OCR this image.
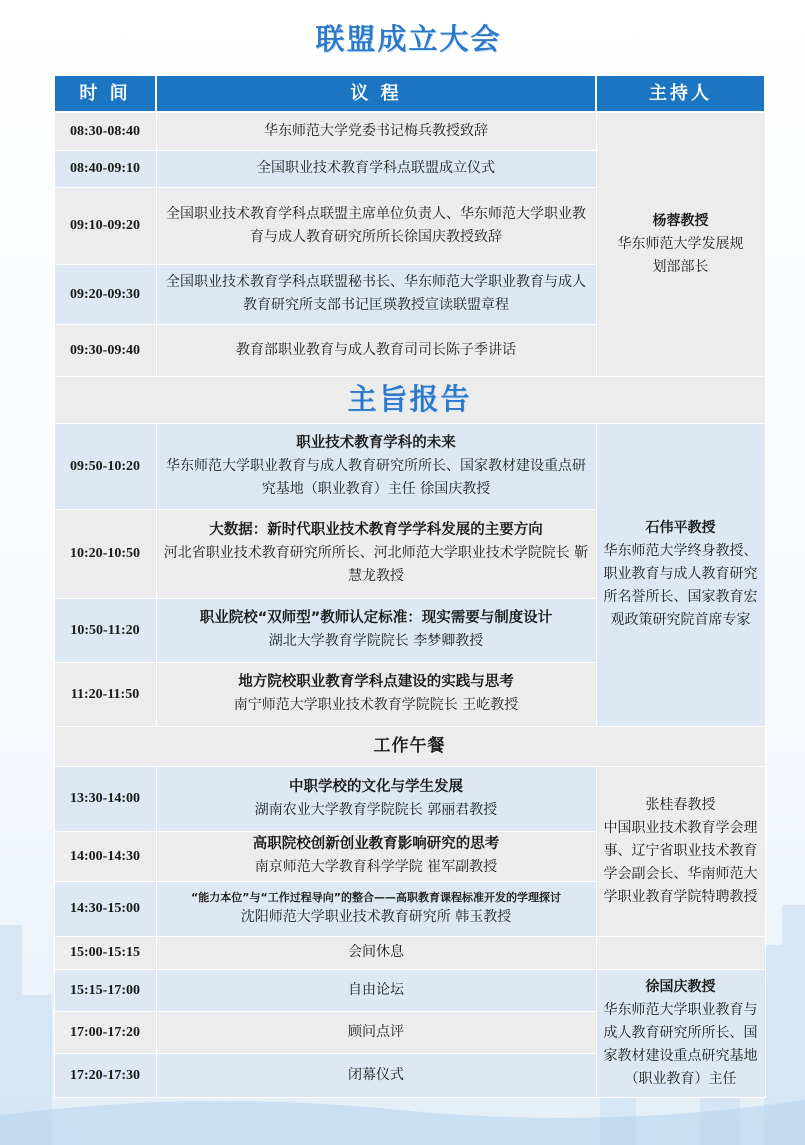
联盟成立大会
时 间	议 程	主持人
08:30-08:40	华东师范大学党委书记梅兵教授致辞	杨蓉教授
华东师范大学发展规划部部长

08:40-09:10	全国职业技术教育学科点联盟成立仪式	
09:10-09:20	全国职业技术教育学科点联盟主席单位负责人、华东师范大学职业教育与成人教育研究所所长徐国庆教授致辞	
09:20-09:30	全国职业技术教育学科点联盟秘书长、华东师范大学职业教育与成人教育研究所支部书记匡瑛教授宣读联盟章程	
09:30-09:40	教育部职业教育与成人教育司司长陈子季讲话	
主旨报告		
09:50-10:20	职业技术教育学科的未来
华东师范大学职业教育与成人教育研究所所长、国家教材建设重点研究基地（职业教育）主任 徐国庆教授	石伟平教授
华东师范大学终身教授、职业教育与成人教育研究所名誉所长、国家教育宏观政策研究院首席专家
10:20-10:50	大数据：新时代职业技术教育学学科发展的主要方向
河北省职业技术教育研究所所长、河北师范大学职业技术学院院长 靳慧龙教授	

10:50-11:20	职业院校“双师型”教师认定标准：现实需要与制度设计
湖北大学教育学院院长 李梦卿教授	

11:20-11:50	地方院校职业教育学科点建设的实践与思考
南宁师范大学职业技术教育学院院长 王屹教授	

工作午餐		
13:30-14:00	中职学校的文化与学生发展
湖南农业大学教育学院院长 郭丽君教授	张桂春教授
中国职业技术教育学会理事、辽宁省职业技术教育学会副会长、华南师范大学职业教育学院特聘教授
14:00-14:30	高职院校创新创业教育影响研究的思考
南京师范大学教育科学学院 崔军副教授	

14:30-15:00	“能力本位”与“工作过程导向”的整合——高职教育课程标准开发的学理探讨
沈阳师范大学职业技术教育研究所 韩玉教授	

15:00-15:15	会间休息	
15:15-17:00	自由论坛	徐国庆教授
华东师范大学职业教育与成人教育研究所所长、国家教材建设重点研究基地（职业教育）主任
17:00-17:20	顾问点评	
17:20-17:30	闭幕仪式	
